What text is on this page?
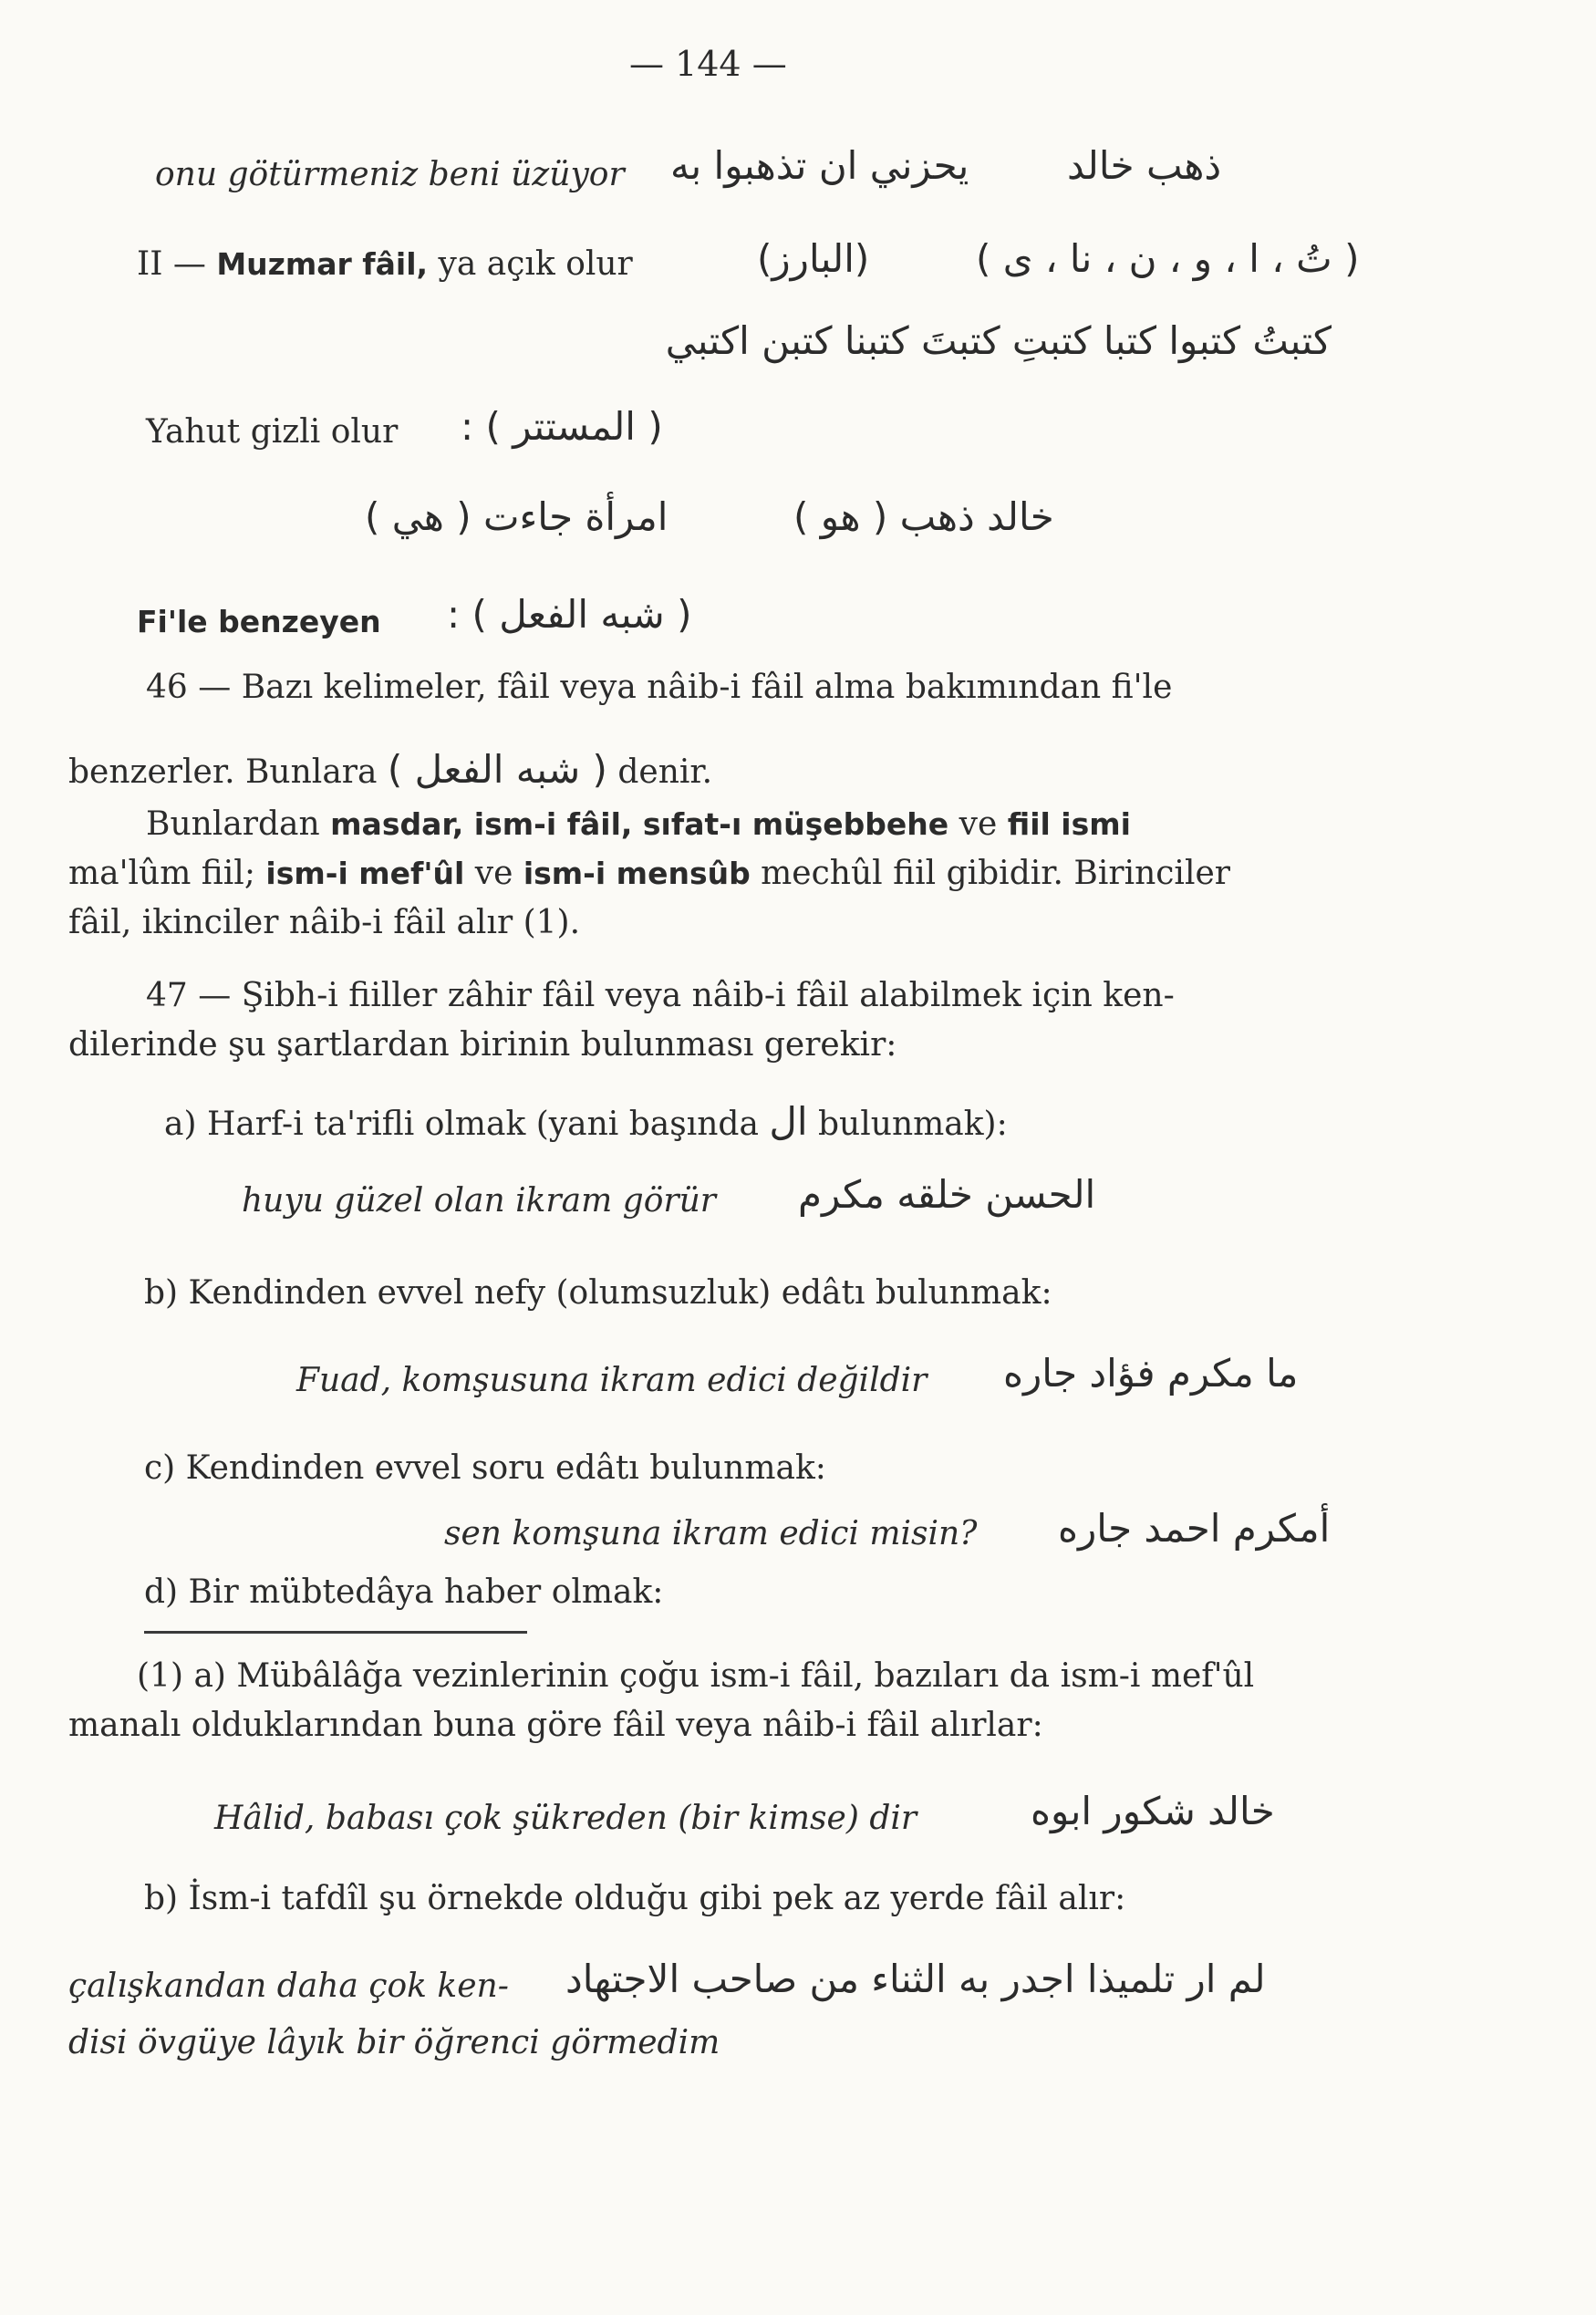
— 144 —
onu götürmeniz beni üzüyor يحزني ان تذهبوا به	ذهب خالد
II — Muzmar fâil, ya açık olur	(البارز)	( تُ ، ا ، و ، ن ، نا ، ى )
كتبتُ كتبوا كتبا كتبتِ كتبتَ كتبنا كتبن اكتبي
Yahut gizli olur ( المستتر ) :
امرأة جاءت ( هي )	خالد ذهب ( هو )
Fi'le benzeyen ( شبه الفعل ) :
46 — Bazı kelimeler, fâil veya nâib-i fâil alma bakımından fi'le
benzerler. Bunlara ( شبه الفعل ) denir.
Bunlardan masdar, ism-i fâil, sıfat-ı müşebbehe ve fiil ismi
ma'lûm fiil; ism-i mef'ûl ve ism-i mensûb mechûl fiil gibidir. Birinciler
fâil, ikinciler nâib-i fâil alır (1).
47 — Şibh-i fiiller zâhir fâil veya nâib-i fâil alabilmek için ken-
dilerinde şu şartlardan birinin bulunması gerekir:
a) Harf-i ta'rifli olmak (yani başında ال bulunmak):
huyu güzel olan ikram görür الحسن خلقه مكرم
b) Kendinden evvel nefy (olumsuzluk) edâtı bulunmak:
Fuad, komşusuna ikram edici değildir ما مكرم فؤاد جاره
c) Kendinden evvel soru edâtı bulunmak:
sen komşuna ikram edici misin? أمكرم احمد جاره
d) Bir mübtedâya haber olmak:
(1) a) Mübâlâğa vezinlerinin çoğu ism-i fâil, bazıları da ism-i mef'ûl
manalı olduklarından buna göre fâil veya nâib-i fâil alırlar:
Hâlid, babası çok şükreden (bir kimse) dir	خالد شكور ابوه
b) İsm-i tafdîl şu örnekde olduğu gibi pek az yerde fâil alır:
çalışkandan daha çok ken- لم ار تلميذا اجدر به الثناء من صاحب الاجتهاد
disi övgüye lâyık bir öğrenci görmedim
